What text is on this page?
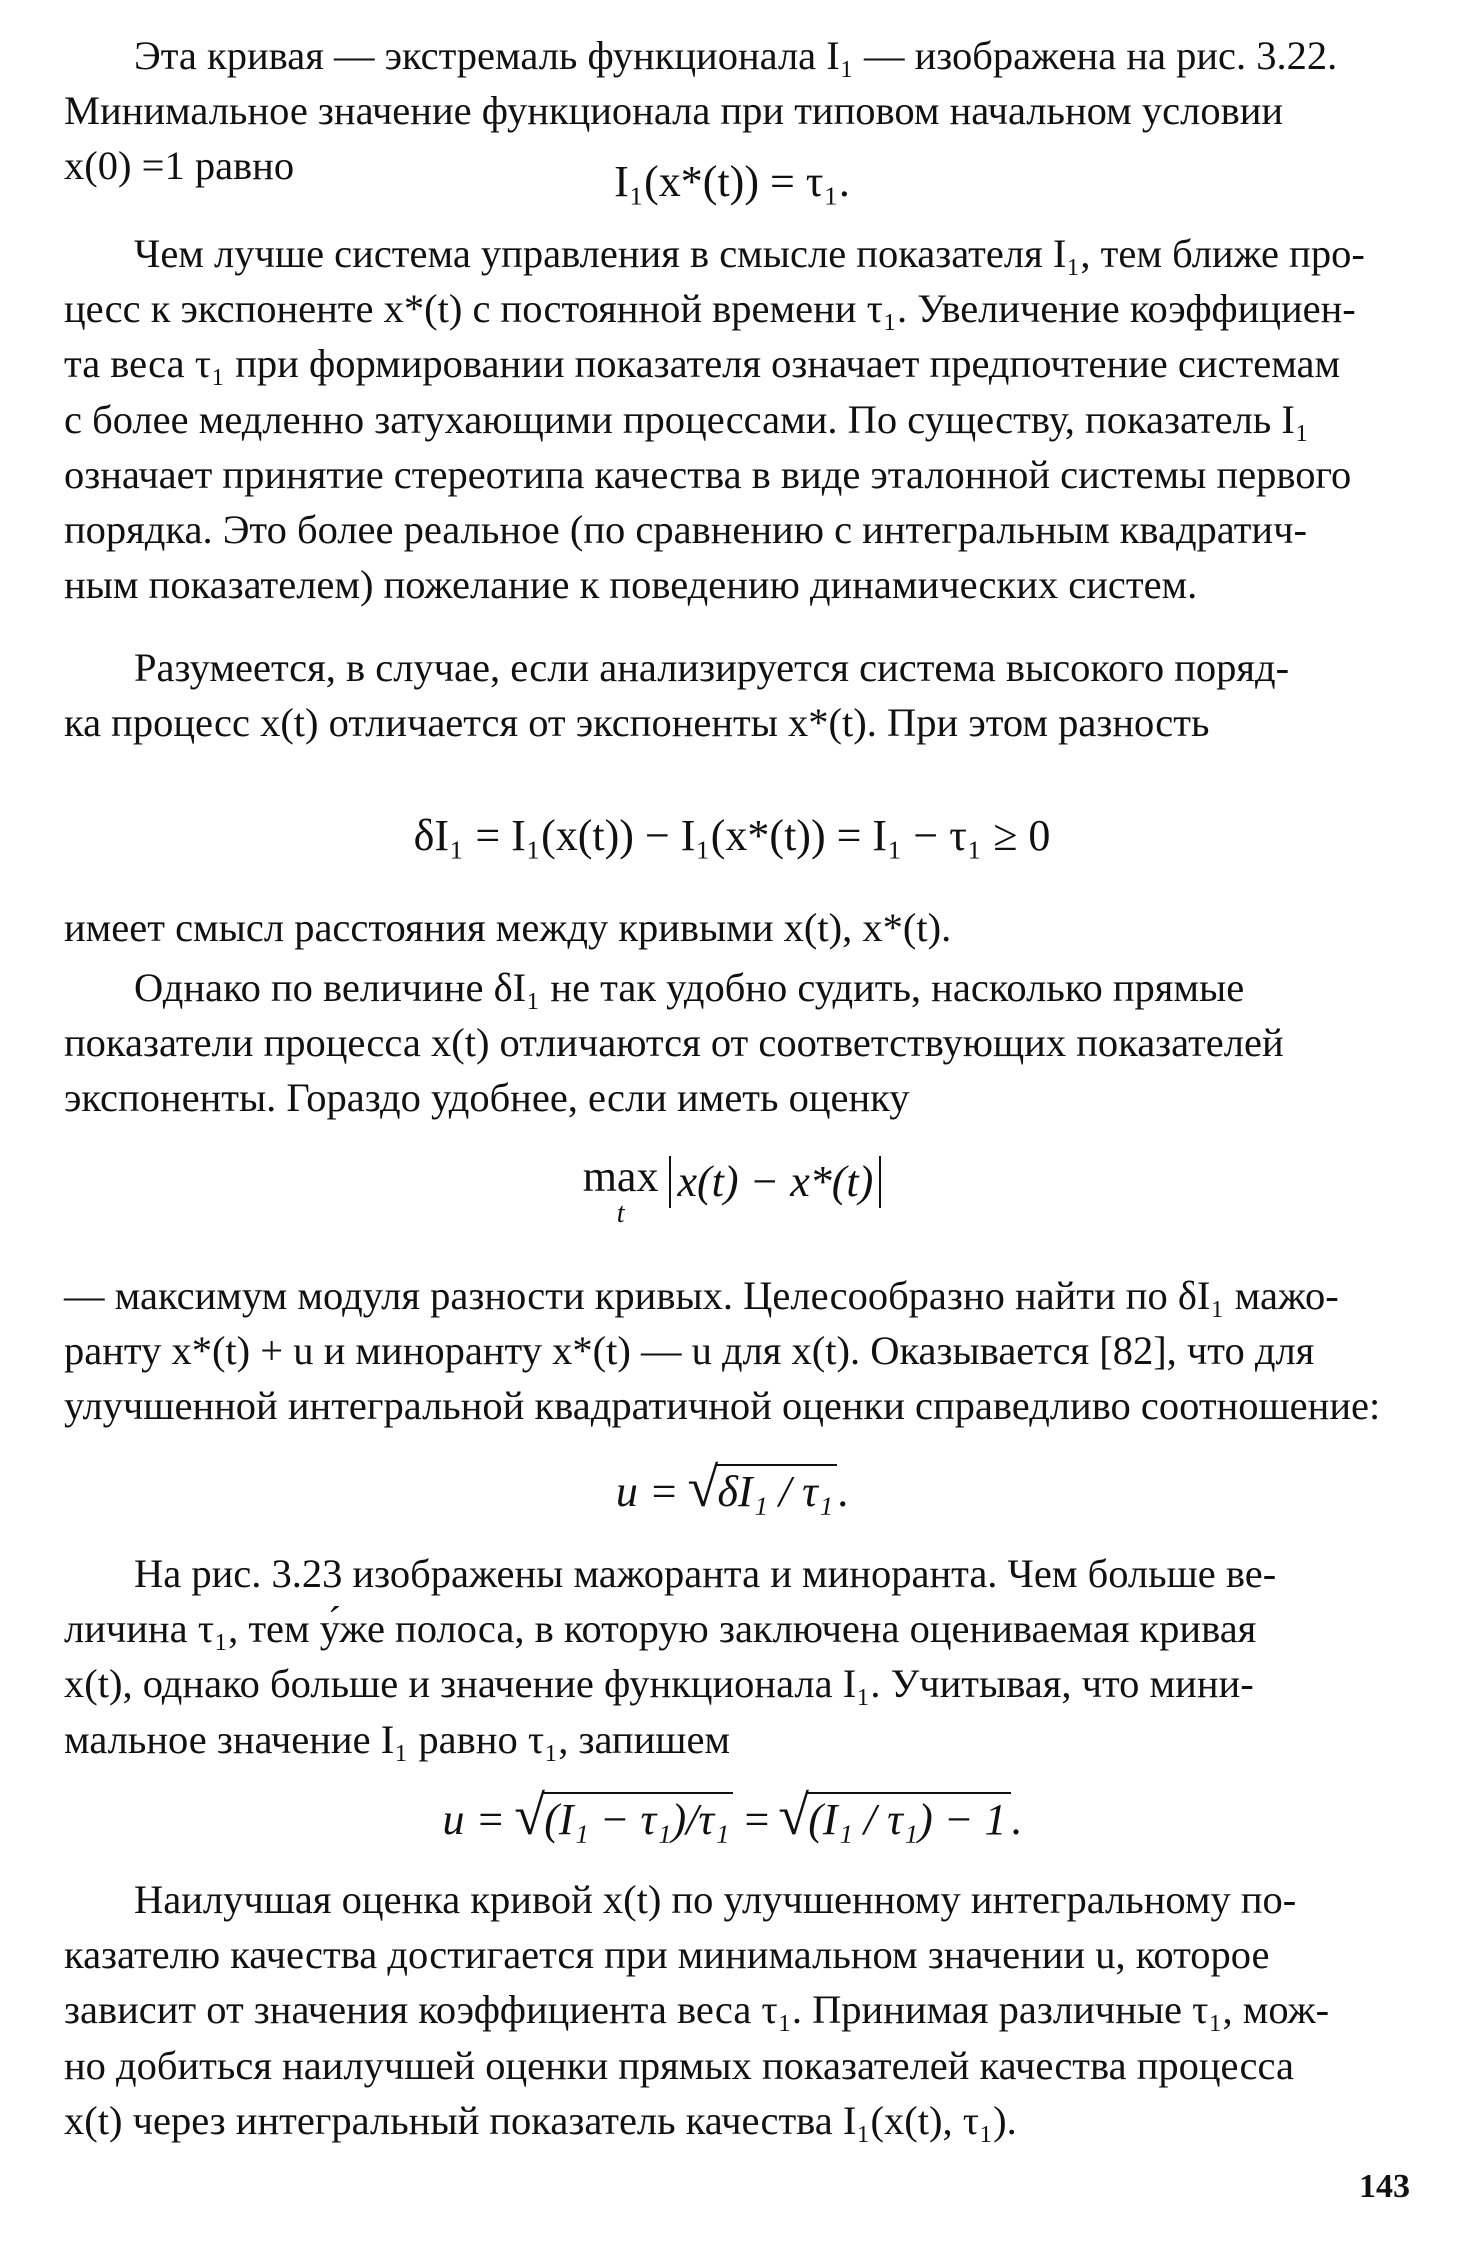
Эта кривая — экстремаль функционала I₁ — изображена на рис. 3.22.

Минимальное значение функционала при типовом начальном условии

x(0) =1 равно	I₁(x*(t)) = τ₁.

Чем лучше система управления в смысле показателя I₁, тем ближе про-

цесс к экспоненте x*(t) с постоянной времени τ₁. Увеличение коэффициен-

та веса τ₁ при формировании показателя означает предпочтение системам

с более медленно затухающими процессами. По существу, показатель I₁

означает принятие стереотипа качества в виде эталонной системы первого

порядка. Это более реальное (по сравнению с интегральным квадратич-

ным показателем) пожелание к поведению динамических систем.

Разумеется, в случае, если анализируется система высокого поряд-

ка процесс x(t) отличается от экспоненты x*(t). При этом разность

δI₁ = I₁(x(t)) − I₁(x*(t)) = I₁ − τ₁ ≥ 0

имеет смысл расстояния между кривыми x(t), x*(t).

Однако по величине δI₁ не так удобно судить, насколько прямые

показатели процесса x(t) отличаются от соответствующих показателей

экспоненты. Гораздо удобнее, если иметь оценку

max
t
x(t) − x*(t)

— максимум модуля разности кривых. Целесообразно найти по δI₁ мажо-

ранту x*(t) + u и миноранту x*(t) — u для x(t). Оказывается [82], что для

улучшенной интегральной квадратичной оценки справедливо соотношение:

u = √ δI₁ / τ₁.

На рис. 3.23 изображены мажоранта и миноранта. Чем больше ве-

личина τ₁, тем у́же полоса, в которую заключена оцениваемая кривая

x(t), однако больше и значение функционала I₁. Учитывая, что мини-

мальное значение I₁ равно τ₁, запишем

u = √ (I₁ − τ₁)/τ₁ = √ (I₁ / τ₁) − 1.

Наилучшая оценка кривой x(t) по улучшенному интегральному по-

казателю качества достигается при минимальном значении u, которое

зависит от значения коэффициента веса τ₁. Принимая различные τ₁, мож-

но добиться наилучшей оценки прямых показателей качества процесса

x(t) через интегральный показатель качества I₁(x(t), τ₁).

143
